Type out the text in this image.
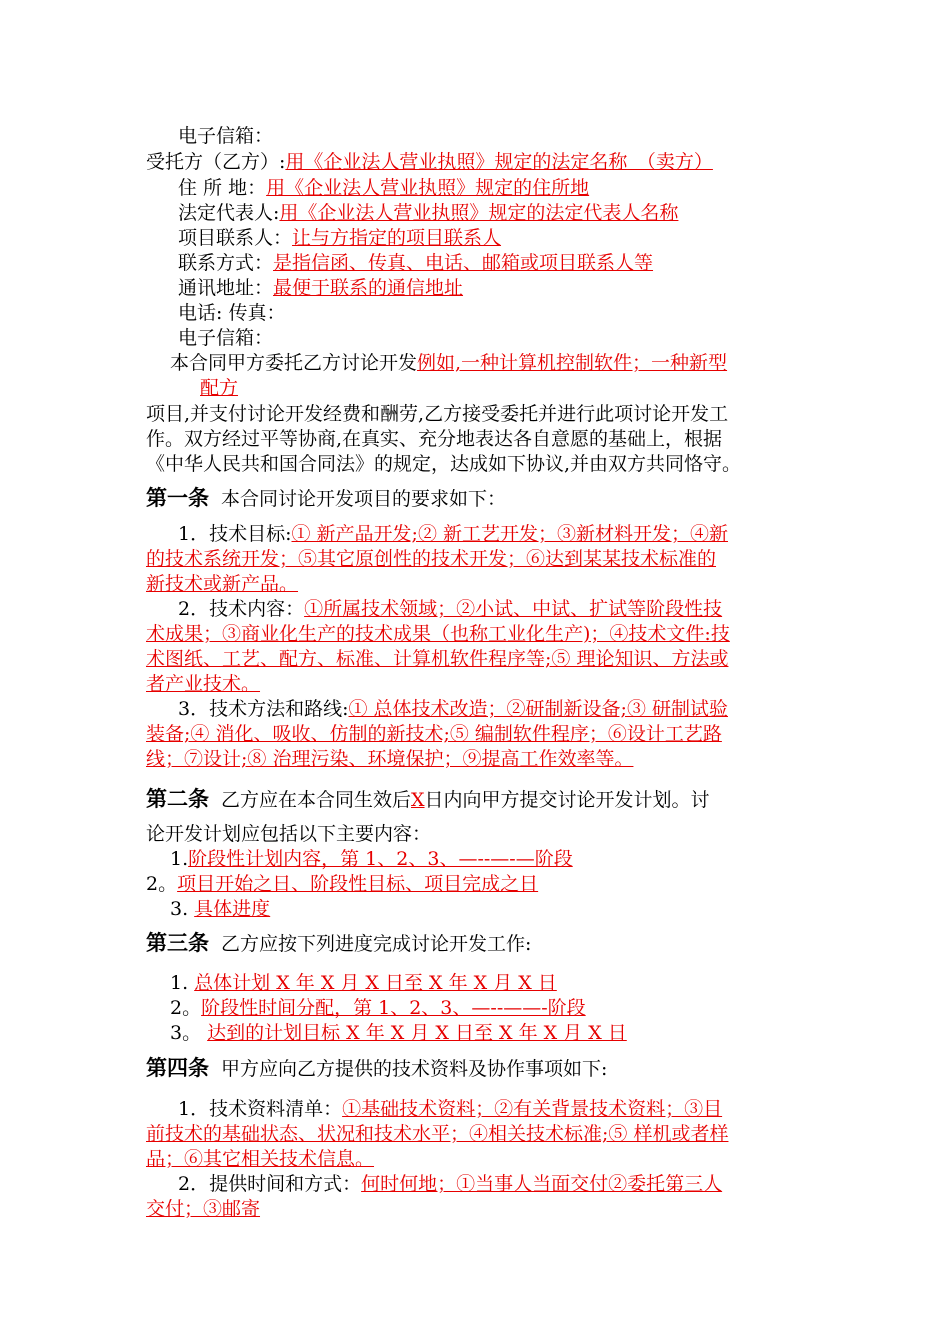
电子信箱：
受托方（乙方）:用《企业法人营业执照》规定的法定名称　（卖方）
住 所 地：用《企业法人营业执照》规定的住所地
法定代表人:用《企业法人营业执照》规定的法定代表人名称
项目联系人：让与方指定的项目联系人
联系方式：是指信函、传真、电话、邮箱或项目联系人等
通讯地址：最便于联系的通信地址
电话: 传真：
电子信箱：
本合同甲方委托乙方讨论开发例如,一种计算机控制软件；一种新型
配方
项目,并支付讨论开发经费和酬劳,乙方接受委托并进行此项讨论开发工
作。双方经过平等协商,在真实、充分地表达各自意愿的基础上，根据
《中华人民共和国合同法》的规定，达成如下协议,并由双方共同恪守。
第一条 本合同讨论开发项目的要求如下：
1．技术目标:① 新产品开发;② 新工艺开发；③新材料开发；④新
的技术系统开发；⑤其它原创性的技术开发；⑥达到某某技术标准的
新技术或新产品。
2．技术内容：①所属技术领域；②小试、中试、扩试等阶段性技
术成果；③商业化生产的技术成果（也称工业化生产)；④技术文件:技
术图纸、工艺、配方、标准、计算机软件程序等;⑤ 理论知识、方法或
者产业技术。
3．技术方法和路线:① 总体技术改造；②研制新设备;③ 研制试验
装备;④ 消化、吸收、仿制的新技术;⑤ 编制软件程序；⑥设计工艺路
线；⑦设计;⑧ 治理污染、环境保护；⑨提高工作效率等。
第二条 乙方应在本合同生效后X日内向甲方提交讨论开发计划。讨
论开发计划应包括以下主要内容：
1.阶段性计划内容，第 1、2、3、—--—-—阶段
2。项目开始之日、阶段性目标、项目完成之日
3. 具体进度
第三条 乙方应按下列进度完成讨论开发工作:
1. 总体计划 X 年 X 月 X 日至 X 年 X 月 X 日
2。阶段性时间分配，第 1、2、3、—--——-阶段
3。 达到的计划目标 X 年 X 月 X 日至 X 年 X 月 X 日
第四条 甲方应向乙方提供的技术资料及协作事项如下:
1．技术资料清单：①基础技术资料；②有关背景技术资料；③目
前技术的基础状态、状况和技术水平；④相关技术标准;⑤ 样机或者样
品；⑥其它相关技术信息。
2．提供时间和方式：何时何地；①当事人当面交付②委托第三人
交付；③邮寄
